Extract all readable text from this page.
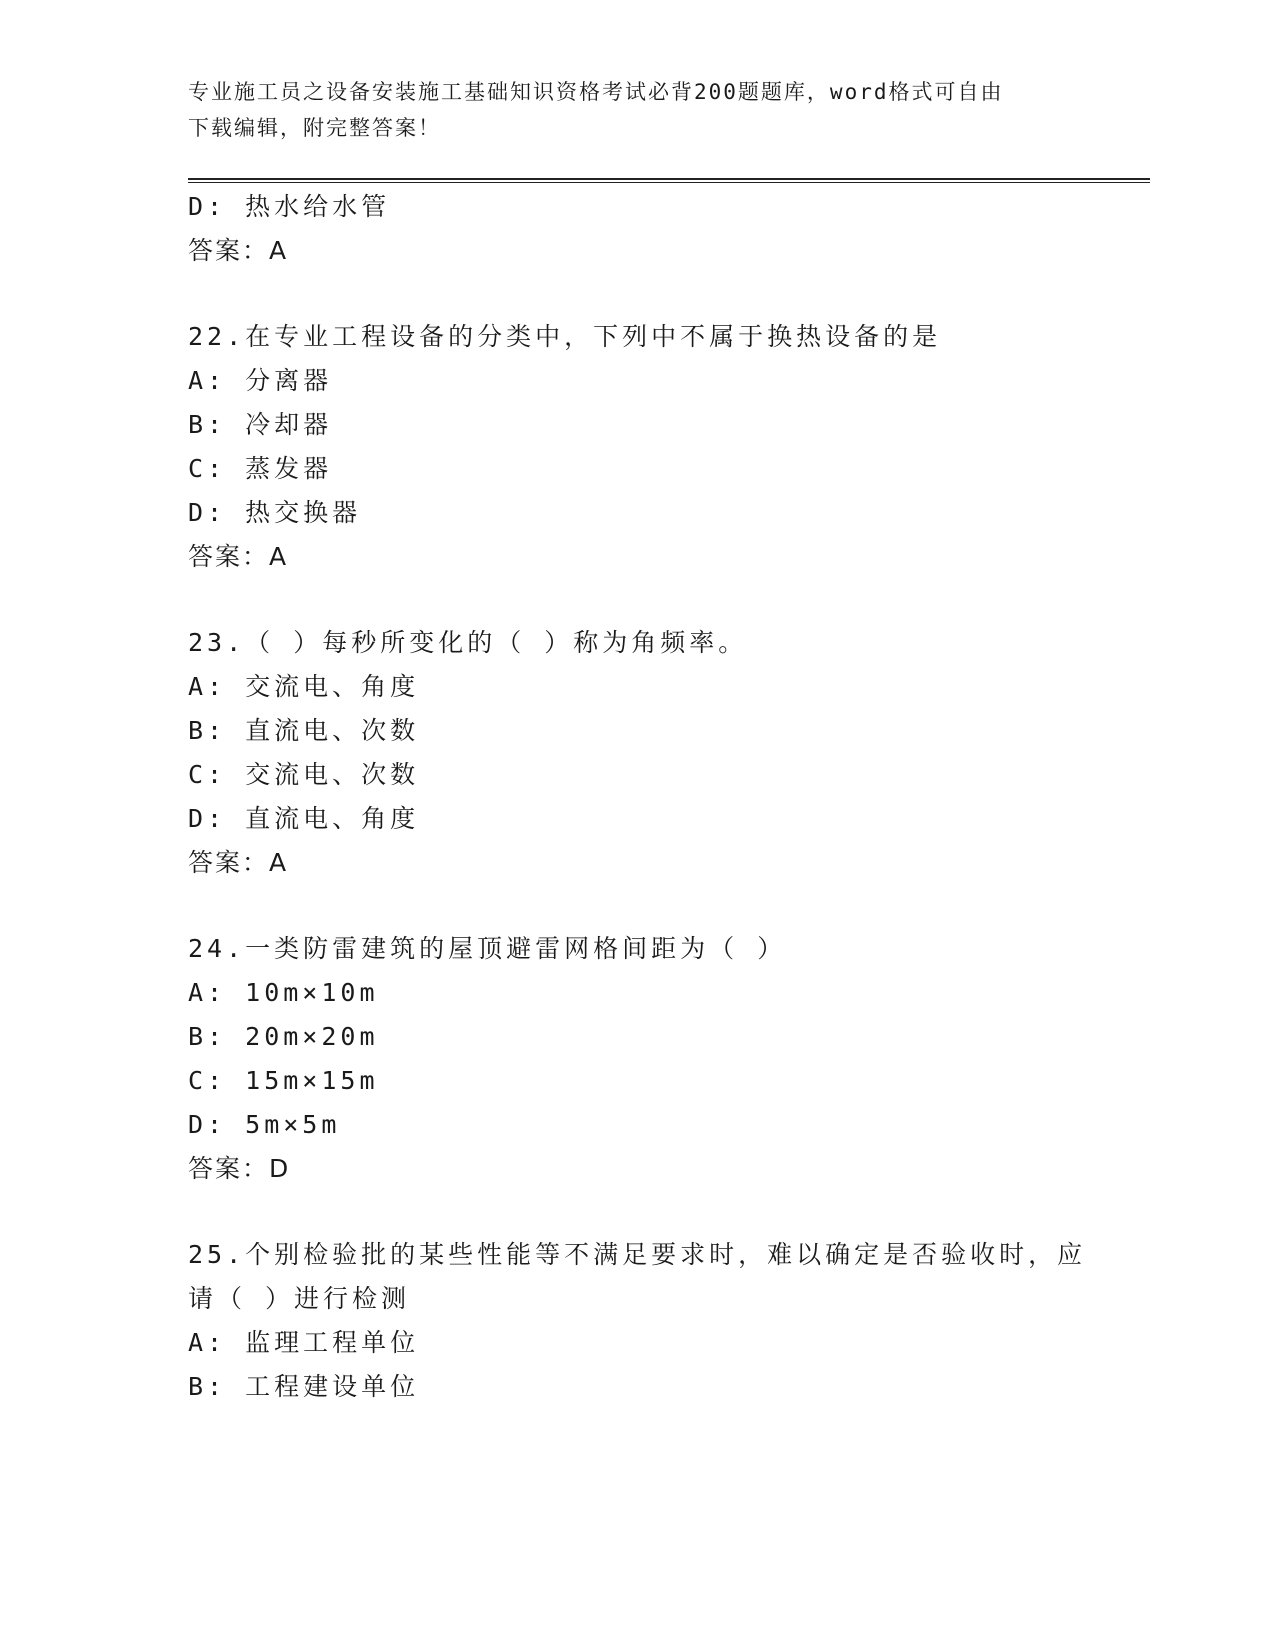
专业施工员之设备安装施工基础知识资格考试必背200题题库，word格式可自由
下载编辑，附完整答案！
D: 热水给水管
答案：A
22.在专业工程设备的分类中，下列中不属于换热设备的是
A: 分离器
B: 冷却器
C: 蒸发器
D: 热交换器
答案：A
23.（ ）每秒所变化的（ ）称为角频率。
A: 交流电、角度
B: 直流电、次数
C: 交流电、次数
D: 直流电、角度
答案：A
24.一类防雷建筑的屋顶避雷网格间距为（ ）
A: 10m×10m
B: 20m×20m
C: 15m×15m
D: 5m×5m
答案：D
25.个别检验批的某些性能等不满足要求时，难以确定是否验收时，应
请（ ）进行检测
A: 监理工程单位
B: 工程建设单位
